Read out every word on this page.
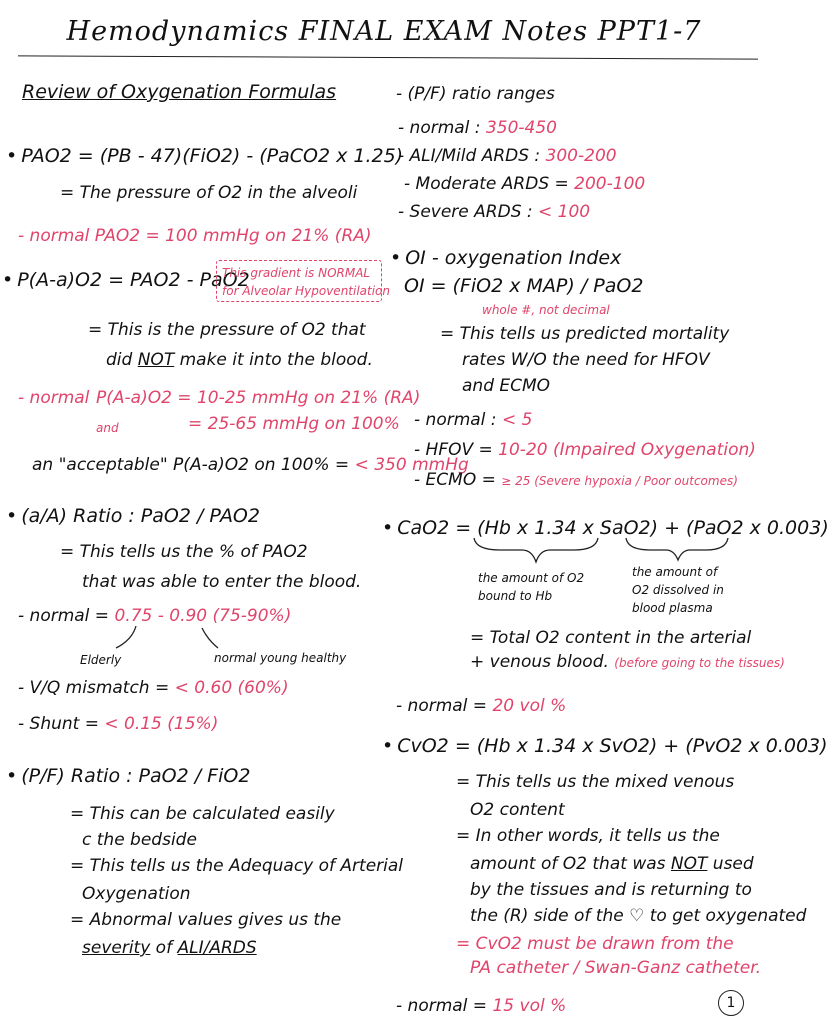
Hemodynamics FINAL EXAM Notes PPT1-7
Review of Oxygenation Formulas
• PAO2 = (PB - 47)(FiO2) - (PaCO2 x 1.25)
= The pressure of O2 in the alveoli
- normal PAO2 = 100 mmHg on 21% (RA)
• P(A-a)O2 = PAO2 - PaO2
This gradient is NORMAL
for Alveolar Hypoventilation
= This is the pressure of O2 that
did NOT make it into the blood.
- normal P(A-a)O2 = 10-25 mmHg on 21% (RA)
and	= 25-65 mmHg on 100%
an "acceptable" P(A-a)O2 on 100% = < 350 mmHg
• (a/A) Ratio : PaO2 / PAO2
= This tells us the % of PAO2
that was able to enter the blood.
- normal = 0.75 - 0.90 (75-90%)
Elderly	normal young healthy
- V/Q mismatch = < 0.60 (60%)
- Shunt = < 0.15 (15%)
• (P/F) Ratio : PaO2 / FiO2
= This can be calculated easily
c the bedside
= This tells us the Adequacy of Arterial
Oxygenation
= Abnormal values gives us the
severity of ALI/ARDS
- (P/F) ratio ranges
- normal : 350-450
- ALI/Mild ARDS : 300-200
- Moderate ARDS = 200-100
- Severe ARDS : < 100
• OI - oxygenation Index
OI = (FiO2 x MAP) / PaO2
whole #, not decimal
= This tells us predicted mortality
rates W/O the need for HFOV
and ECMO
- normal : < 5
- HFOV = 10-20 (Impaired Oxygenation)
- ECMO = ≥ 25 (Severe hypoxia / Poor outcomes)
• CaO2 = (Hb x 1.34 x SaO2) + (PaO2 x 0.003)
the amount of O2
bound to Hb
the amount of
O2 dissolved in
blood plasma
= Total O2 content in the arterial
+ venous blood. (before going to the tissues)
- normal = 20 vol %
• CvO2 = (Hb x 1.34 x SvO2) + (PvO2 x 0.003)
= This tells us the mixed venous
O2 content
= In other words, it tells us the
amount of O2 that was NOT used
by the tissues and is returning to
the (R) side of the ♡ to get oxygenated
= CvO2 must be drawn from the
PA catheter / Swan-Ganz catheter.
- normal = 15 vol %	1
